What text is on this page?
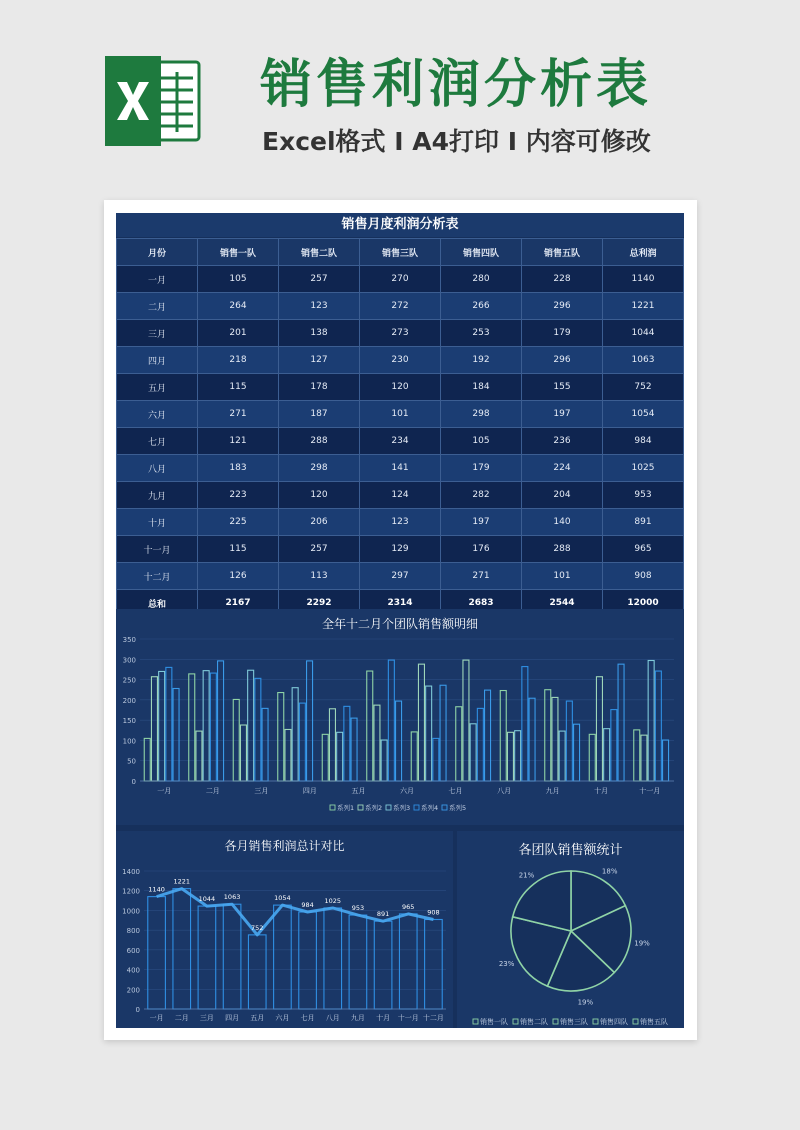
销售利润分析表
Excel格式 I A4打印 I 内容可修改
销售月度利润分析表
月份	销售一队	销售二队	销售三队	销售四队	销售五队	总利润
一月	105	257	270	280	228	1140
二月	264	123	272	266	296	1221
三月	201	138	273	253	179	1044
四月	218	127	230	192	296	1063
五月	115	178	120	184	155	752
六月	271	187	101	298	197	1054
七月	121	288	234	105	236	984
八月	183	298	141	179	224	1025
九月	223	120	124	282	204	953
十月	225	206	123	197	140	891
十一月	115	257	129	176	288	965
十二月	126	113	297	271	101	908
总和	2167	2292	2314	2683	2544	12000
全年十二月个团队销售额明细
0
50
100
150
200
250
300
350
一月	二月	三月	四月	五月	六月	七月	八月	九月	十月	十一月
系列1 系列2 系列3 系列4 系列5
各月销售利润总计对比
0
200
400
600
800
1000
1200
1400
1140
1221
1044 1063
752
1054
984
1025
953
891
965
908
一月 二月 三月 四月 五月 六月 七月 八月 九月 十月 十一月 十二月
各团队销售额统计
18%
19%
19%
23%
21%
销售一队 销售二队 销售三队 销售四队 销售五队
